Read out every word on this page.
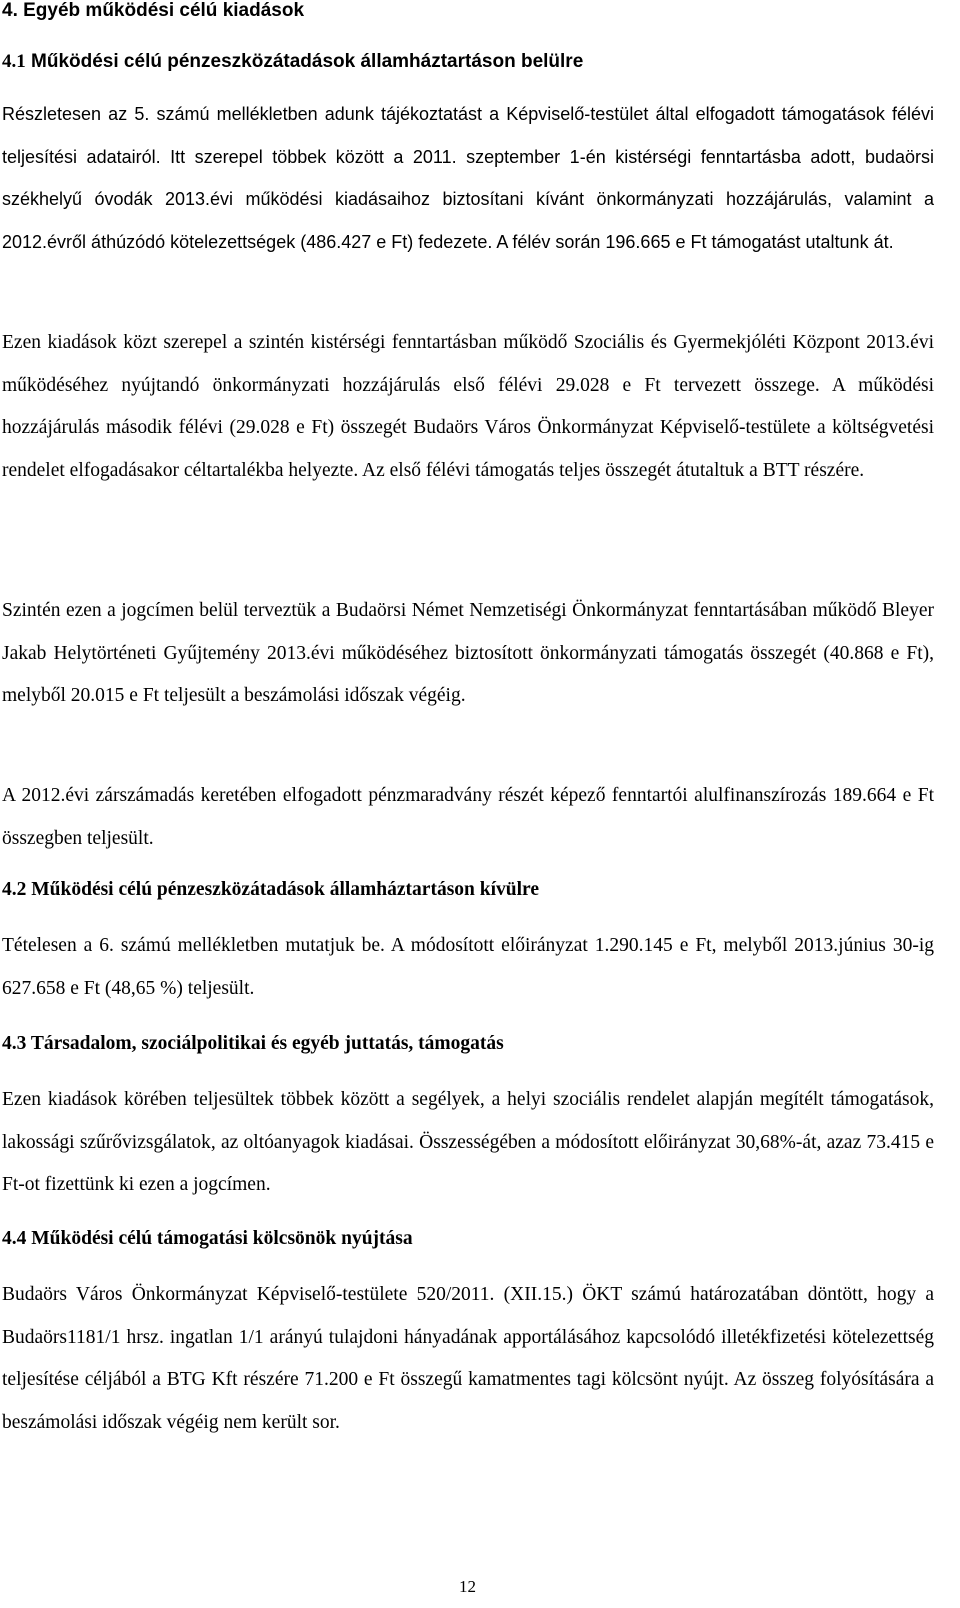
4. Egyéb működési célú kiadások
4.1 Működési célú pénzeszközátadások államháztartáson belülre

Részletesen az 5. számú mellékletben adunk tájékoztatást a Képviselő-testület által elfogadott támogatások félévi teljesítési adatairól. Itt szerepel többek között a 2011. szeptember 1-én kistérségi fenntartásba adott, budaörsi székhelyű óvodák 2013.évi működési kiadásaihoz biztosítani kívánt önkormányzati hozzájárulás, valamint a 2012.évről áthúzódó kötelezettségek (486.427 e Ft) fedezete. A félév során 196.665 e Ft támogatást utaltunk át.

Ezen kiadások közt szerepel a szintén kistérségi fenntartásban működő Szociális és Gyermekjóléti Központ 2013.évi működéséhez nyújtandó önkormányzati hozzájárulás első félévi 29.028 e Ft tervezett összege. A működési hozzájárulás második félévi (29.028 e Ft) összegét Budaörs Város Önkormányzat Képviselő-testülete a költségvetési rendelet elfogadásakor céltartalékba helyezte. Az első félévi támogatás teljes összegét átutaltuk a BTT részére.

Szintén ezen a jogcímen belül terveztük a Budaörsi Német Nemzetiségi Önkormányzat fenntartásában működő Bleyer Jakab Helytörténeti Gyűjtemény 2013.évi működéséhez biztosított önkormányzati támogatás összegét (40.868 e Ft), melyből 20.015 e Ft teljesült a beszámolási időszak végéig.

A 2012.évi zárszámadás keretében elfogadott pénzmaradvány részét képező fenntartói alulfinanszírozás 189.664 e Ft összegben teljesült.

4.2 Működési célú pénzeszközátadások államháztartáson kívülre

Tételesen a 6. számú mellékletben mutatjuk be. A módosított előirányzat 1.290.145 e Ft, melyből 2013.június 30-ig 627.658 e Ft (48,65 %) teljesült.

4.3 Társadalom, szociálpolitikai és egyéb juttatás, támogatás

Ezen kiadások körében teljesültek többek között a segélyek, a helyi szociális rendelet alapján megítélt támogatások, lakossági szűrővizsgálatok, az oltóanyagok kiadásai. Összességében a módosított előirányzat 30,68%-át, azaz 73.415 e Ft-ot fizettünk ki ezen a jogcímen.

4.4 Működési célú támogatási kölcsönök nyújtása

Budaörs Város Önkormányzat Képviselő-testülete 520/2011. (XII.15.) ÖKT számú határozatában döntött, hogy a Budaörs1181/1 hrsz. ingatlan 1/1 arányú tulajdoni hányadának apportálásához kapcsolódó illetékfizetési kötelezettség teljesítése céljából a BTG Kft részére 71.200 e Ft összegű kamatmentes tagi kölcsönt nyújt. Az összeg folyósítására a beszámolási időszak végéig nem került sor.

12
